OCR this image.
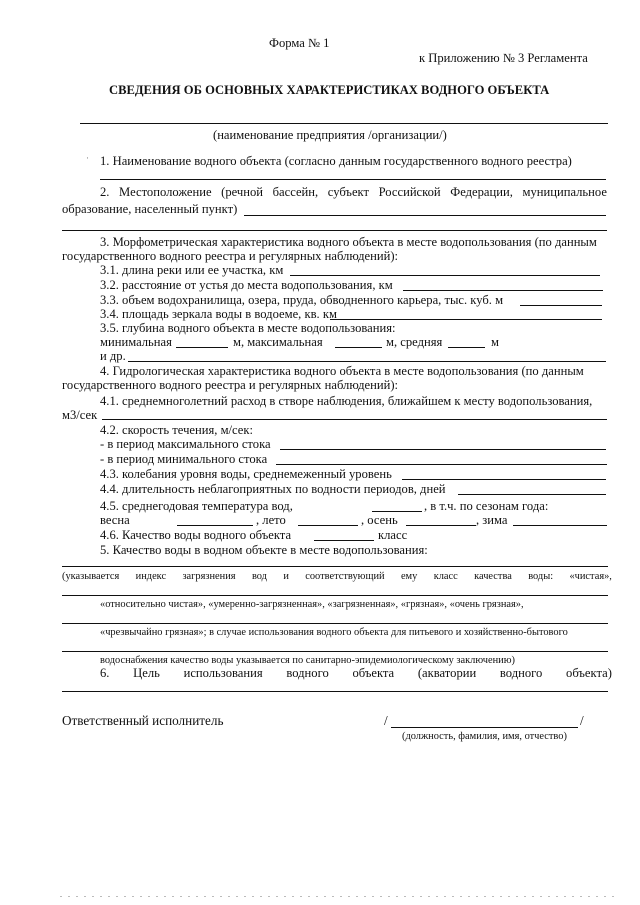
Форма № 1
к Приложению № 3 Регламента
СВЕДЕНИЯ ОБ ОСНОВНЫХ ХАРАКТЕРИСТИКАХ ВОДНОГО ОБЪЕКТА
(наименование предприятия /организации/)
· 1. Наименование водного объекта (согласно данным государственного водного реестра)
2. Местоположение (речной бассейн, субъект Российской Федерации, муниципальное
образование, населенный пункт)
3. Морфометрическая характеристика водного объекта в месте водопользования (по данным
государственного водного реестра и регулярных наблюдений):
3.1. длина реки или ее участка, км
3.2. расстояние от устья до места водопользования, км
3.3. объем водохранилища, озера, пруда, обводненного карьера, тыс. куб. м
3.4. площадь зеркала воды в водоеме, кв. км
3.5. глубина водного объекта в месте водопользования:
минимальная	м, максимальная	м, средняя	м
и др.
4. Гидрологическая характеристика водного объекта в месте водопользования (по данным
государственного водного реестра и регулярных наблюдений):
4.1. среднемноголетний расход в створе наблюдения, ближайшем к месту водопользования,
м3/сек
4.2. скорость течения, м/сек:
- в период максимального стока
- в период минимального стока
4.3. колебания уровня воды, среднемеженный уровень
4.4. длительность неблагоприятных по водности периодов, дней
4.5. среднегодовая температура вод,	, в т.ч. по сезонам года:
весна	, лето	, осень	, зима
4.6. Качество воды водного объекта	класс
5. Качество воды в водном объекте в месте водопользования:
(указывается индекс загрязнения вод и соответствующий ему класс качества воды: «чистая»,
«относительно чистая», «умеренно-загрязненная», «загрязненная», «грязная», «очень грязная»,
«чрезвычайно грязная»; в случае использования водного объекта для питьевого и хозяйственно-бытового
водоснабжения качество воды указывается по санитарно-эпидемиологическому заключению)
6. Цель использования водного объекта (акватории водного объекта)
Ответственный исполнитель	/	/
(должность, фамилия, имя, отчество)
